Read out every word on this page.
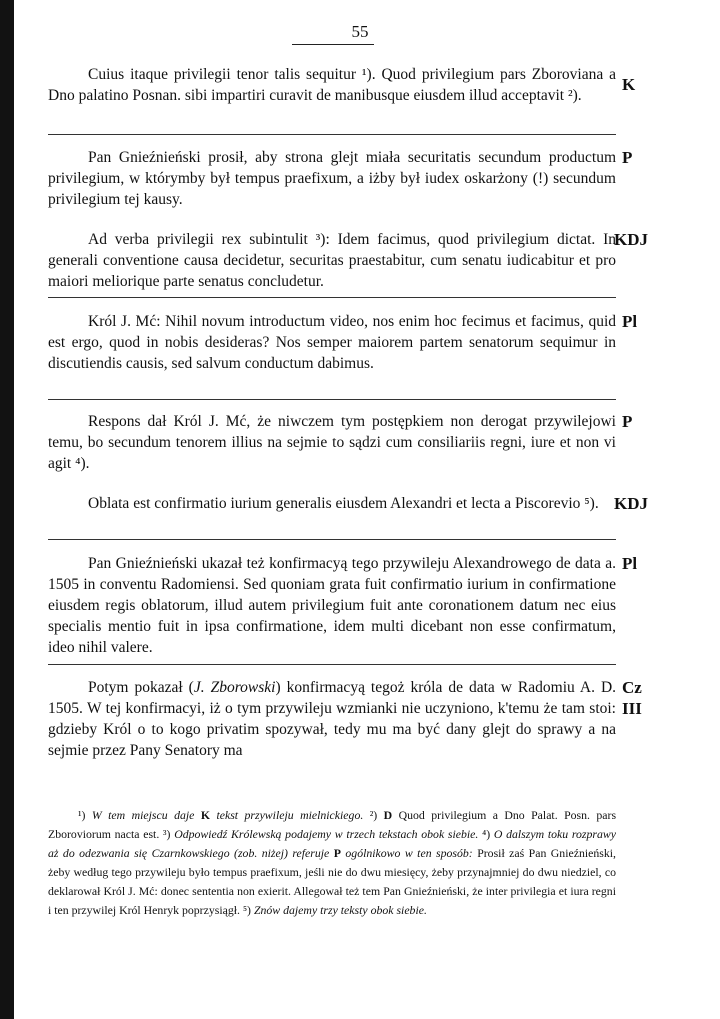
55

Cuius itaque privilegii tenor talis sequitur ¹). Quod privilegium pars Zboroviana a Dno palatino Posnan. sibi impartiri curavit de manibusque eiusdem illud acceptavit ²).

K

Pan Gnieźnieński prosił, aby strona glejt miała securitatis secundum productum privilegium, w którymby był tempus praefixum, a iżby był iudex oskarżony (!) secundum privilegium tej kausy.

P

Ad verba privilegii rex subintulit ³): Idem facimus, quod privilegium dictat. In generali conventione causa decidetur, securitas praestabitur, cum senatu iudicabitur et pro maiori meliorique parte senatus concludetur.

KDJ

Król J. Mć: Nihil novum introductum video, nos enim hoc fecimus et facimus, quid est ergo, quod in nobis desideras? Nos semper maiorem partem senatorum sequimur in discutiendis causis, sed salvum conductum dabimus.

Pl

Respons dał Król J. Mć, że niwczem tym postępkiem non derogat przywilejowi temu, bo secundum tenorem illius na sejmie to sądzi cum consiliariis regni, iure et non vi agit ⁴).

P

Oblata est confirmatio iurium generalis eiusdem Alexandri et lecta a Piscorevio ⁵). KDJ

Pan Gnieźnieński ukazał też konfirmacyą tego przywileju Alexandrowego de data a. 1505 in conventu Radomiensi. Sed quoniam grata fuit confirmatio iurium in confirmatione eiusdem regis oblatorum, illud autem privilegium fuit ante coronationem datum nec eius specialis mentio fuit in ipsa confirmatione, idem multi dicebant non esse confirmatum, ideo nihil valere.

Pl

Potym pokazał (J. Zborowski) konfirmacyą tegoż króla de data w Radomiu A. D. 1505. W tej konfirmacyi, iż o tym przywileju wzmianki nie uczyniono, k'temu że tam stoi: gdzieby Król o to kogo privatim spozywał, tedy mu ma być dany glejt do sprawy a na sejmie przez Pany Senatory ma

Cz
III

¹) W tem miejscu daje K tekst przywileju mielnickiego. ²) D Quod privilegium a Dno Palat. Posn. pars Zboroviorum nacta est. ³) Odpowiedź Królewską podajemy w trzech tekstach obok siebie. ⁴) O dalszym toku rozprawy aż do odezwania się Czarnkowskiego (zob. niżej) referuje P ogólnikowo w ten sposób: Prosił zaś Pan Gnieźnieński, żeby według tego przywileju było tempus praefixum, jeśli nie do dwu miesięcy, żeby przynajmniej do dwu niedziel, co deklarował Król J. Mć: donec sententia non exierit. Allegował też tem Pan Gnieźnieński, że inter privilegia et iura regni i ten przywilej Król Henryk poprzysiągł. ⁵) Znów dajemy trzy teksty obok siebie.
